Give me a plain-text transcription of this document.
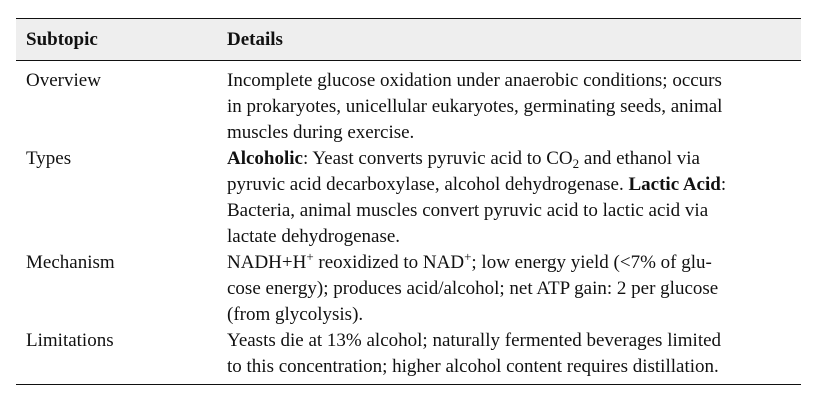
Subtopic	Details
Overview	Incomplete glucose oxidation under anaerobic conditions; occurs
in prokaryotes, unicellular eukaryotes, germinating seeds, animal
muscles during exercise.
Types	Alcoholic: Yeast converts pyruvic acid to $CO_2$ and ethanol via
pyruvic acid decarboxylase, alcohol dehydrogenase. Lactic Acid:
Bacteria, animal muscles convert pyruvic acid to lactic acid via
lactate dehydrogenase.
Mechanism	NADH+H+ reoxidized to NAD+; low energy yield (<7% of glu-
cose energy); produces acid/alcohol; net ATP gain: 2 per glucose
(from glycolysis).
Limitations	Yeasts die at 13% alcohol; naturally fermented beverages limited
to this concentration; higher alcohol content requires distillation.
